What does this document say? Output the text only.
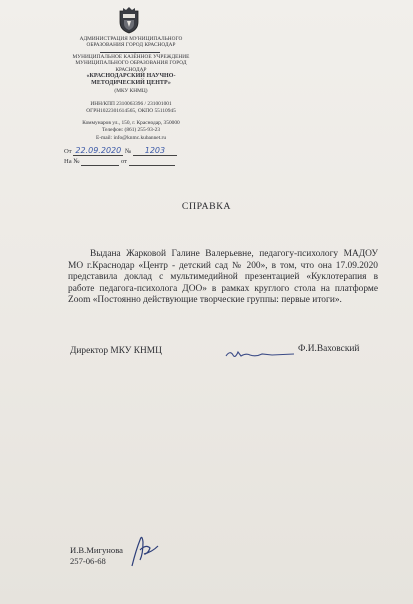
АДМИНИСТРАЦИЯ МУНИЦИПАЛЬНОГО
ОБРАЗОВАНИЯ ГОРОД КРАСНОДАР
МУНИЦИПАЛЬНОЕ КАЗЁННОЕ УЧРЕЖДЕНИЕ
МУНИЦИПАЛЬНОГО ОБРАЗОВАНИЯ ГОРОД
КРАСНОДАР
«КРАСНОДАРСКИЙ НАУЧНО-
МЕТОДИЧЕСКИЙ ЦЕНТР»
(МКУ КНМЦ)
ИНН/КПП 2310063396 / 231001001
ОГРН1022301614565, ОКПО 55110945
Коммунаров ул., 150, г. Краснодар, 350000
Телефон: (861) 255-93-23
E-mail: info@knmc.kubannet.ru
От 22.09.2020 № 1203
На №	от
СПРАВКА
Выдана Жарковой Галине Валерьевне, педагогу-психологу МАДОУ МО г.Краснодар «Центр - детский сад № 200», в том, что она 17.09.2020 представила доклад с мультимедийной презентацией «Куклотерапия в работе педагога-психолога ДОО» в рамках круглого стола на платформе Zoom «Постоянно действующие творческие группы: первые итоги».
Директор МКУ КНМЦ	Ф.И.Ваховский
И.В.Мигунова
257-06-68
